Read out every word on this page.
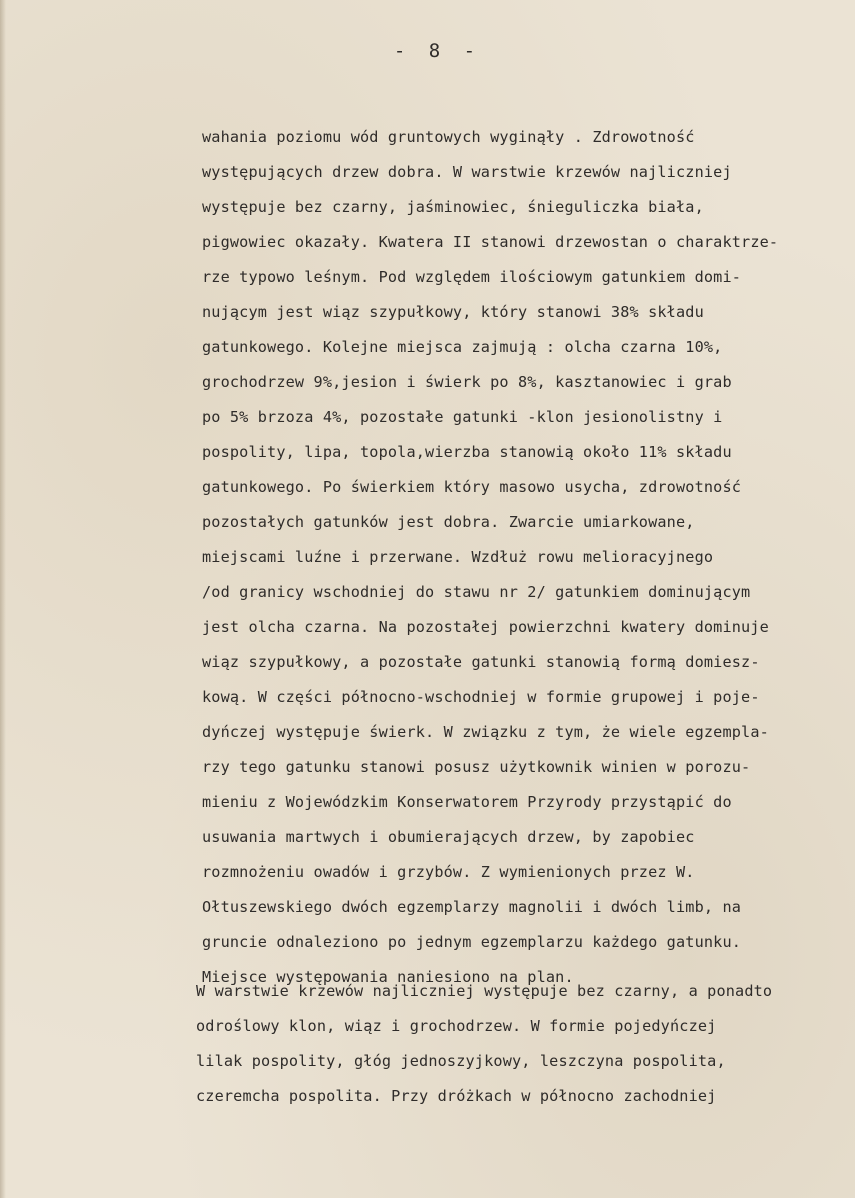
- 8 -
wahania poziomu wód gruntowych wyginąły . Zdrowotność
występujących drzew dobra. W warstwie krzewów najliczniej
występuje bez czarny, jaśminowiec, śnieguliczka biała,
pigwowiec okazały. Kwatera II stanowi drzewostan o charaktrze-
rze typowo leśnym. Pod względem ilościowym gatunkiem domi-
nującym jest wiąz szypułkowy, który stanowi 38% składu
gatunkowego. Kolejne miejsca zajmują : olcha czarna 10%,
grochodrzew 9%,jesion i świerk po 8%, kasztanowiec i grab
po 5% brzoza 4%, pozostałe gatunki -klon jesionolistny i
pospolity, lipa, topola,wierzba stanowią około 11% składu
gatunkowego. Po świerkiem który masowo usycha, zdrowotność
pozostałych gatunków jest dobra. Zwarcie umiarkowane,
miejscami luźne i przerwane. Wzdłuż rowu melioracyjnego
/od granicy wschodniej do stawu nr 2/ gatunkiem dominującym
jest olcha czarna. Na pozostałej powierzchni kwatery dominuje
wiąz szypułkowy, a pozostałe gatunki stanowią formą domiesz-
kową. W części północno-wschodniej w formie grupowej i poje-
dyńczej występuje świerk. W związku z tym, że wiele egzempla-
rzy tego gatunku stanowi posusz użytkownik winien w porozu-
mieniu z Wojewódzkim Konserwatorem Przyrody przystąpić do
usuwania martwych i obumierających drzew, by zapobiec
rozmnożeniu owadów i grzybów. Z wymienionych przez W.
Ołtuszewskiego dwóch egzemplarzy magnolii i dwóch limb, na
gruncie odnaleziono po jednym egzemplarzu każdego gatunku.
Miejsce występowania naniesiono na plan.
W warstwie krzewów najliczniej występuje bez czarny, a ponadto
odroślowy klon, wiąz i grochodrzew. W formie pojedyńczej
lilak pospolity, głóg jednoszyjkowy, leszczyna pospolita,
czeremcha pospolita. Przy dróżkach w północno zachodniej
